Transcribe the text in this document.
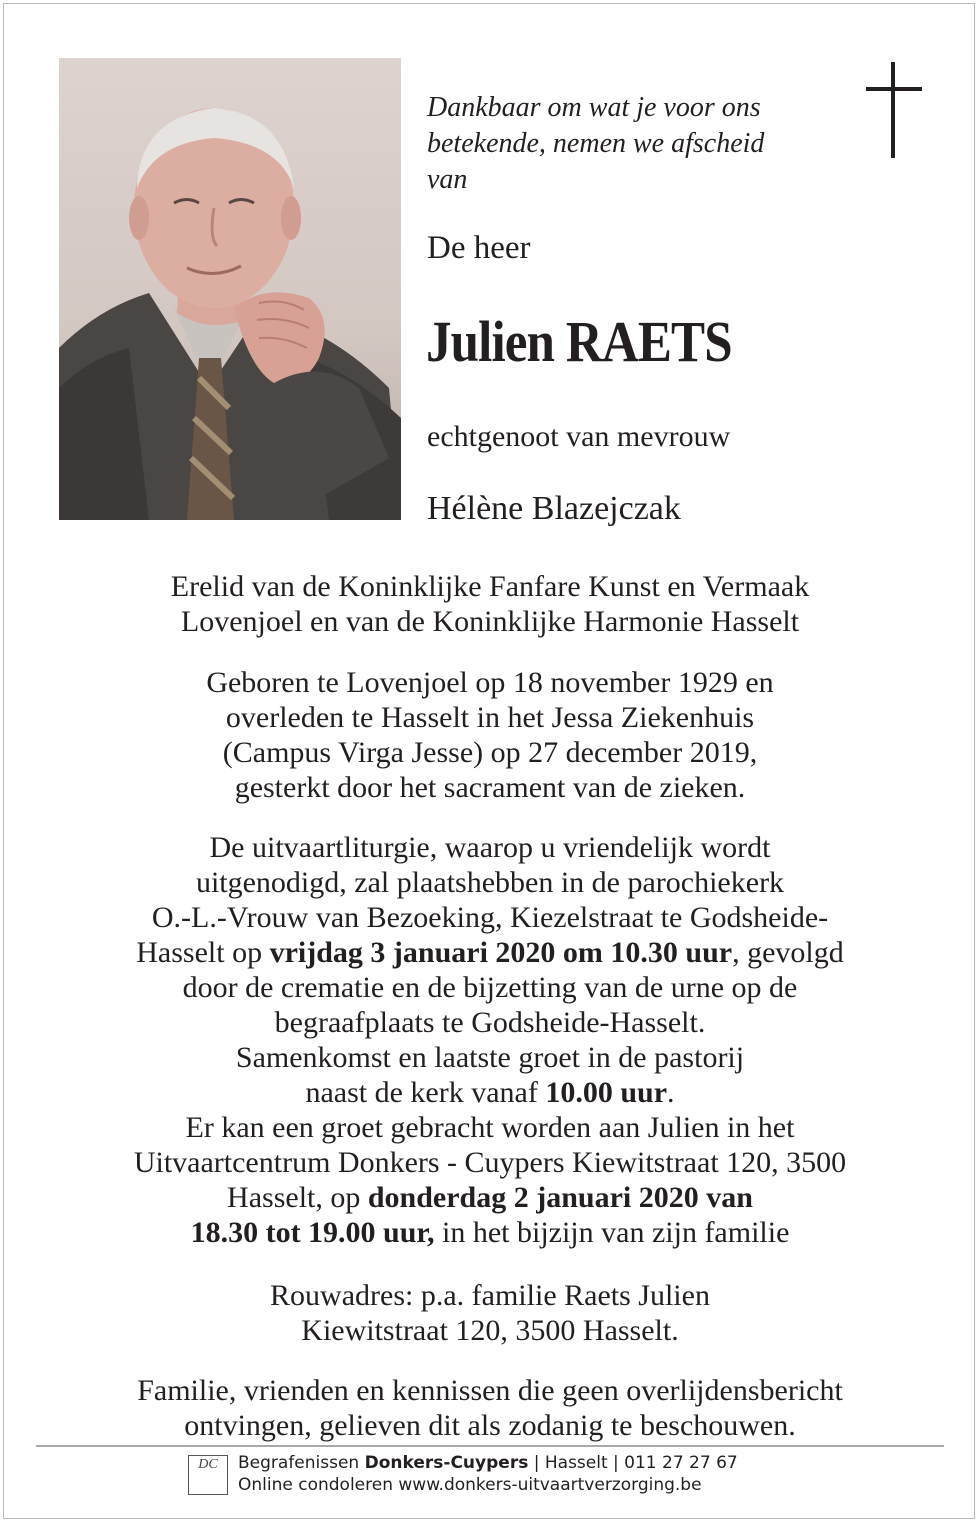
Dankbaar om wat je voor ons
betekende, nemen we afscheid
van

De heer
Julien RAETS
echtgenoot van mevrouw
Hélène Blazejczak

Erelid van de Koninklijke Fanfare Kunst en Vermaak

Lovenjoel en van de Koninklijke Harmonie Hasselt

Geboren te Lovenjoel op 18 november 1929 en

overleden te Hasselt in het Jessa Ziekenhuis

(Campus Virga Jesse) op 27 december 2019,

gesterkt door het sacrament van de zieken.

De uitvaartliturgie, waarop u vriendelijk wordt

uitgenodigd, zal plaatshebben in de parochiekerk

O.-L.-Vrouw van Bezoeking, Kiezelstraat te Godsheide-

Hasselt op vrijdag 3 januari 2020 om 10.30 uur, gevolgd

door de crematie en de bijzetting van de urne op de

begraafplaats te Godsheide-Hasselt.

Samenkomst en laatste groet in de pastorij

naast de kerk vanaf 10.00 uur.

Er kan een groet gebracht worden aan Julien in het

Uitvaartcentrum Donkers - Cuypers Kiewitstraat 120, 3500

Hasselt, op donderdag 2 januari 2020 van

18.30 tot 19.00 uur, in het bijzijn van zijn familie

Rouwadres: p.a. familie Raets Julien

Kiewitstraat 120, 3500 Hasselt.

Familie, vrienden en kennissen die geen overlijdensbericht

ontvingen, gelieven dit als zodanig te beschouwen.

DC	Begrafenissen Donkers-Cuypers | Hasselt | 011 27 27 67
Online condoleren www.donkers-uitvaartverzorging.be
